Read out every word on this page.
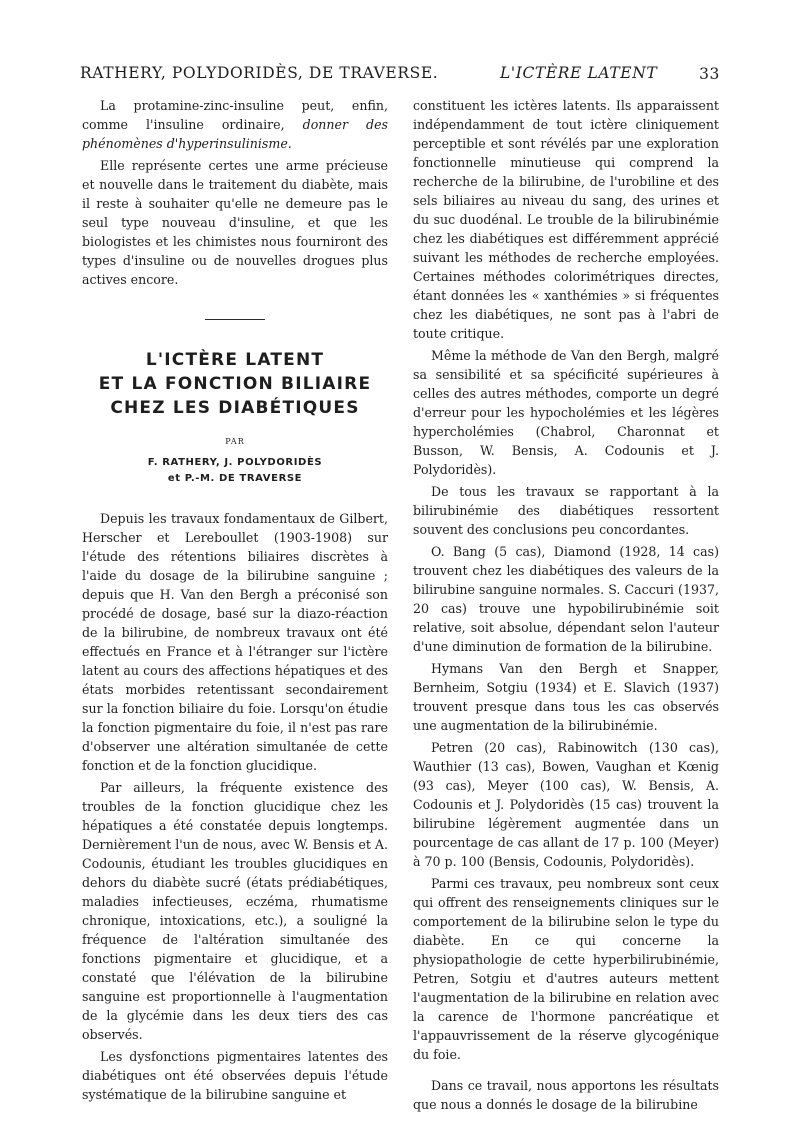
RATHERY, POLYDORIDÈS, DE TRAVERSE.	L'ICTÈRE LATENT	33

La protamine-zinc-insuline peut, enfin, comme l'insuline ordinaire, donner des phénomènes d'hyperinsulinisme.

Elle représente certes une arme précieuse et nouvelle dans le traitement du diabète, mais il reste à souhaiter qu'elle ne demeure pas le seul type nouveau d'insuline, et que les biologistes et les chimistes nous fourniront des types d'insuline ou de nouvelles drogues plus actives encore.

L'ICTÈRE LATENT

ET LA FONCTION BILIAIRE

CHEZ LES DIABÉTIQUES

PAR

F. RATHERY, J. POLYDORIDÈS
et P.-M. DE TRAVERSE

Depuis les travaux fondamentaux de Gilbert, Herscher et Lereboullet (1903-1908) sur l'étude des rétentions biliaires discrètes à l'aide du dosage de la bilirubine sanguine ; depuis que H. Van den Bergh a préconisé son procédé de dosage, basé sur la diazo-réaction de la bilirubine, de nombreux travaux ont été effectués en France et à l'étranger sur l'ictère latent au cours des affections hépatiques et des états morbides retentissant secondairement sur la fonction biliaire du foie. Lorsqu'on étudie la fonction pigmentaire du foie, il n'est pas rare d'observer une altération simultanée de cette fonction et de la fonction glucidique.

Par ailleurs, la fréquente existence des troubles de la fonction glucidique chez les hépatiques a été constatée depuis longtemps. Dernièrement l'un de nous, avec W. Bensis et A. Codounis, étudiant les troubles glucidiques en dehors du diabète sucré (états prédiabétiques, maladies infectieuses, eczéma, rhumatisme chronique, intoxications, etc.), a souligné la fréquence de l'altération simultanée des fonctions pigmentaire et glucidique, et a constaté que l'élévation de la bilirubine sanguine est proportionnelle à l'augmentation de la glycémie dans les deux tiers des cas observés.

Les dysfonctions pigmentaires latentes des diabétiques ont été observées depuis l'étude systématique de la bilirubine sanguine et

constituent les ictères latents. Ils apparaissent indépendamment de tout ictère cliniquement perceptible et sont révélés par une exploration fonctionnelle minutieuse qui comprend la recherche de la bilirubine, de l'urobiline et des sels biliaires au niveau du sang, des urines et du suc duodénal. Le trouble de la bilirubinémie chez les diabétiques est différemment apprécié suivant les méthodes de recherche employées. Certaines méthodes colorimétriques directes, étant données les « xanthémies » si fréquentes chez les diabétiques, ne sont pas à l'abri de toute critique.

Même la méthode de Van den Bergh, malgré sa sensibilité et sa spécificité supérieures à celles des autres méthodes, comporte un degré d'erreur pour les hypocholémies et les légères hypercholémies (Chabrol, Charonnat et Busson, W. Bensis, A. Codounis et J. Polydoridès).

De tous les travaux se rapportant à la bilirubinémie des diabétiques ressortent souvent des conclusions peu concordantes.

O. Bang (5 cas), Diamond (1928, 14 cas) trouvent chez les diabétiques des valeurs de la bilirubine sanguine normales. S. Caccuri (1937, 20 cas) trouve une hypobilirubinémie soit relative, soit absolue, dépendant selon l'auteur d'une diminution de formation de la bilirubine.

Hymans Van den Bergh et Snapper, Bernheim, Sotgiu (1934) et E. Slavich (1937) trouvent presque dans tous les cas observés une augmentation de la bilirubinémie.

Petren (20 cas), Rabinowitch (130 cas), Wauthier (13 cas), Bowen, Vaughan et Kœnig (93 cas), Meyer (100 cas), W. Bensis, A. Codounis et J. Polydoridès (15 cas) trouvent la bilirubine légèrement augmentée dans un pourcentage de cas allant de 17 p. 100 (Meyer) à 70 p. 100 (Bensis, Codounis, Polydoridès).

Parmi ces travaux, peu nombreux sont ceux qui offrent des renseignements cliniques sur le comportement de la bilirubine selon le type du diabète. En ce qui concerne la physiopathologie de cette hyperbilirubinémie, Petren, Sotgiu et d'autres auteurs mettent l'augmentation de la bilirubine en relation avec la carence de l'hormone pancréatique et l'appauvrissement de la réserve glycogénique du foie.

Dans ce travail, nous apportons les résultats que nous a donnés le dosage de la bilirubine
